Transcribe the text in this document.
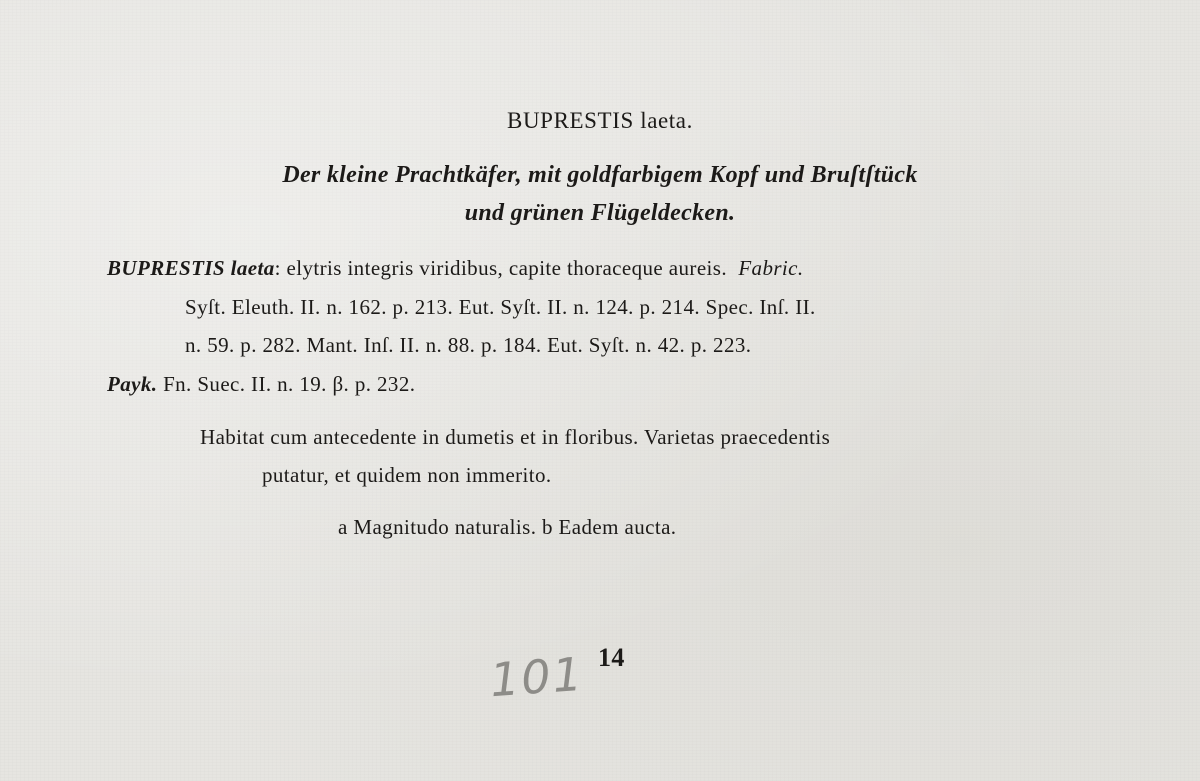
BUPRESTIS laeta.
Der kleine Prachtkäfer, mit goldfarbigem Kopf und Bruſtſtück
und grünen Flügeldecken.
BUPRESTIS laeta: elytris integris viridibus, capite thoraceque aureis. Fabric.
Syſt. Eleuth. II. n. 162. p. 213. Eut. Syſt. II. n. 124. p. 214. Spec. Inſ. II.
n. 59. p. 282. Mant. Inſ. II. n. 88. p. 184. Eut. Syſt. n. 42. p. 223.
Payk. Fn. Suec. II. n. 19. β. p. 232.
Habitat cum antecedente in dumetis et in floribus. Varietas praecedentis
putatur, et quidem non immerito.
a Magnitudo naturalis. b Eadem aucta.
14
101
